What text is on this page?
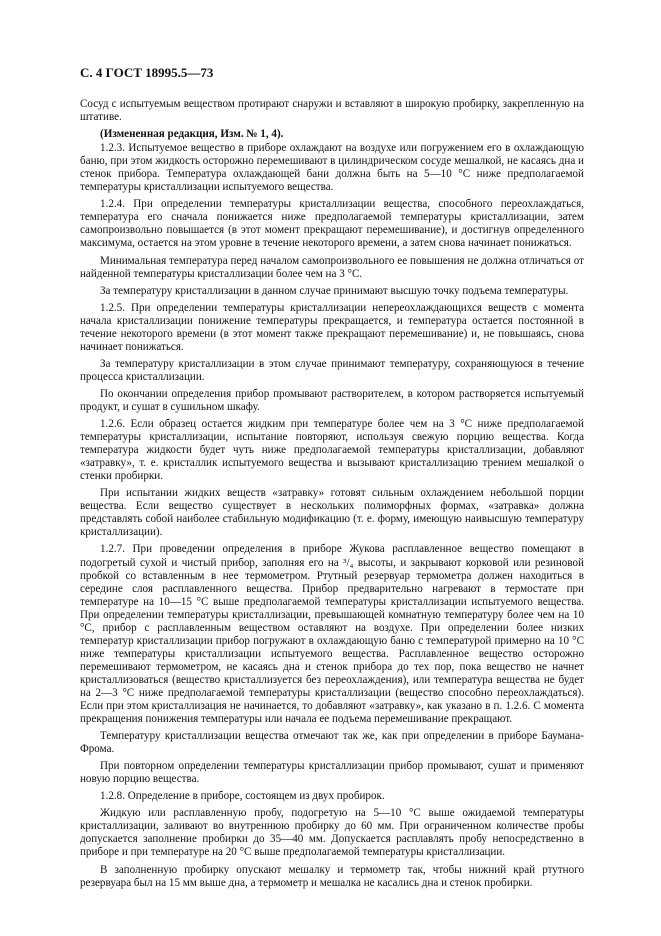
С. 4 ГОСТ 18995.5—73

Сосуд с испытуемым веществом протирают снаружи и вставляют в широкую пробирку, закрепленную на штативе.

(Измененная редакция, Изм. № 1, 4).

1.2.3. Испытуемое вещество в приборе охлаждают на воздухе или погружением его в охлаждающую баню, при этом жидкость осторожно перемешивают в цилиндрическом сосуде мешалкой, не касаясь дна и стенок прибора. Температура охлаждающей бани должна быть на 5—10 °С ниже предполагаемой температуры кристаллизации испытуемого вещества.

1.2.4. При определении температуры кристаллизации вещества, способного переохлаждаться, температура его сначала понижается ниже предполагаемой температуры кристаллизации, затем самопроизвольно повышается (в этот момент прекращают перемешивание), и достигнув определенного максимума, остается на этом уровне в течение некоторого времени, а затем снова начинает понижаться.

Минимальная температура перед началом самопроизвольного ее повышения не должна отличаться от найденной температуры кристаллизации более чем на 3 °С.

За температуру кристаллизации в данном случае принимают высшую точку подъема температуры.

1.2.5. При определении температуры кристаллизации непереохлаждающихся веществ с момента начала кристаллизации понижение температуры прекращается, и температура остается постоянной в течение некоторого времени (в этот момент также прекращают перемешивание) и, не повышаясь, снова начинает понижаться.

За температуру кристаллизации в этом случае принимают температуру, сохраняющуюся в течение процесса кристаллизации.

По окончании определения прибор промывают растворителем, в котором растворяется испытуемый продукт, и сушат в сушильном шкафу.

1.2.6. Если образец остается жидким при температуре более чем на 3 °С ниже предполагаемой температуры кристаллизации, испытание повторяют, используя свежую порцию вещества. Когда температура жидкости будет чуть ниже предполагаемой температуры кристаллизации, добавляют «затравку», т. е. кристаллик испытуемого вещества и вызывают кристаллизацию трением мешалкой о стенки пробирки.

При испытании жидких веществ «затравку» готовят сильным охлаждением небольшой порции вещества. Если вещество существует в нескольких полиморфных формах, «затравка» должна представлять собой наиболее стабильную модификацию (т. е. форму, имеющую наивысшую температуру кристаллизации).

1.2.7. При проведении определения в приборе Жукова расплавленное вещество помещают в подогретый сухой и чистый прибор, заполняя его на ³/₄ высоты, и закрывают корковой или резиновой пробкой со вставленным в нее термометром. Ртутный резервуар термометра должен находиться в середине слоя расплавленного вещества. Прибор предварительно нагревают в термостате при температуре на 10—15 °С выше предполагаемой температуры кристаллизации испытуемого вещества. При определении температуры кристаллизации, превышающей комнатную температуру более чем на 10 °С, прибор с расплавленным веществом оставляют на воздухе. При определении более низких температур кристаллизации прибор погружают в охлаждающую баню с температурой примерно на 10 °С ниже температуры кристаллизации испытуемого вещества. Расплавленное вещество осторожно перемешивают термометром, не касаясь дна и стенок прибора до тех пор, пока вещество не начнет кристаллизоваться (вещество кристаллизуется без переохлаждения), или температура вещества не будет на 2—3 °С ниже предполагаемой температуры кристаллизации (вещество способно переохлаждаться). Если при этом кристаллизация не начинается, то добавляют «затравку», как указано в п. 1.2.6. С момента прекращения понижения температуры или начала ее подъема перемешивание прекращают.

Температуру кристаллизации вещества отмечают так же, как при определении в приборе Баумана-Фрома.

При повторном определении температуры кристаллизации прибор промывают, сушат и применяют новую порцию вещества.

1.2.8. Определение в приборе, состоящем из двух пробирок.

Жидкую или расплавленную пробу, подогретую на 5—10 °С выше ожидаемой температуры кристаллизации, заливают во внутреннюю пробирку до 60 мм. При ограниченном количестве пробы допускается заполнение пробирки до 35—40 мм. Допускается расплавлять пробу непосредственно в приборе и при температуре на 20 °С выше предполагаемой температуры кристаллизации.

В заполненную пробирку опускают мешалку и термометр так, чтобы нижний край ртутного резервуара был на 15 мм выше дна, а термометр и мешалка не касались дна и стенок пробирки.
